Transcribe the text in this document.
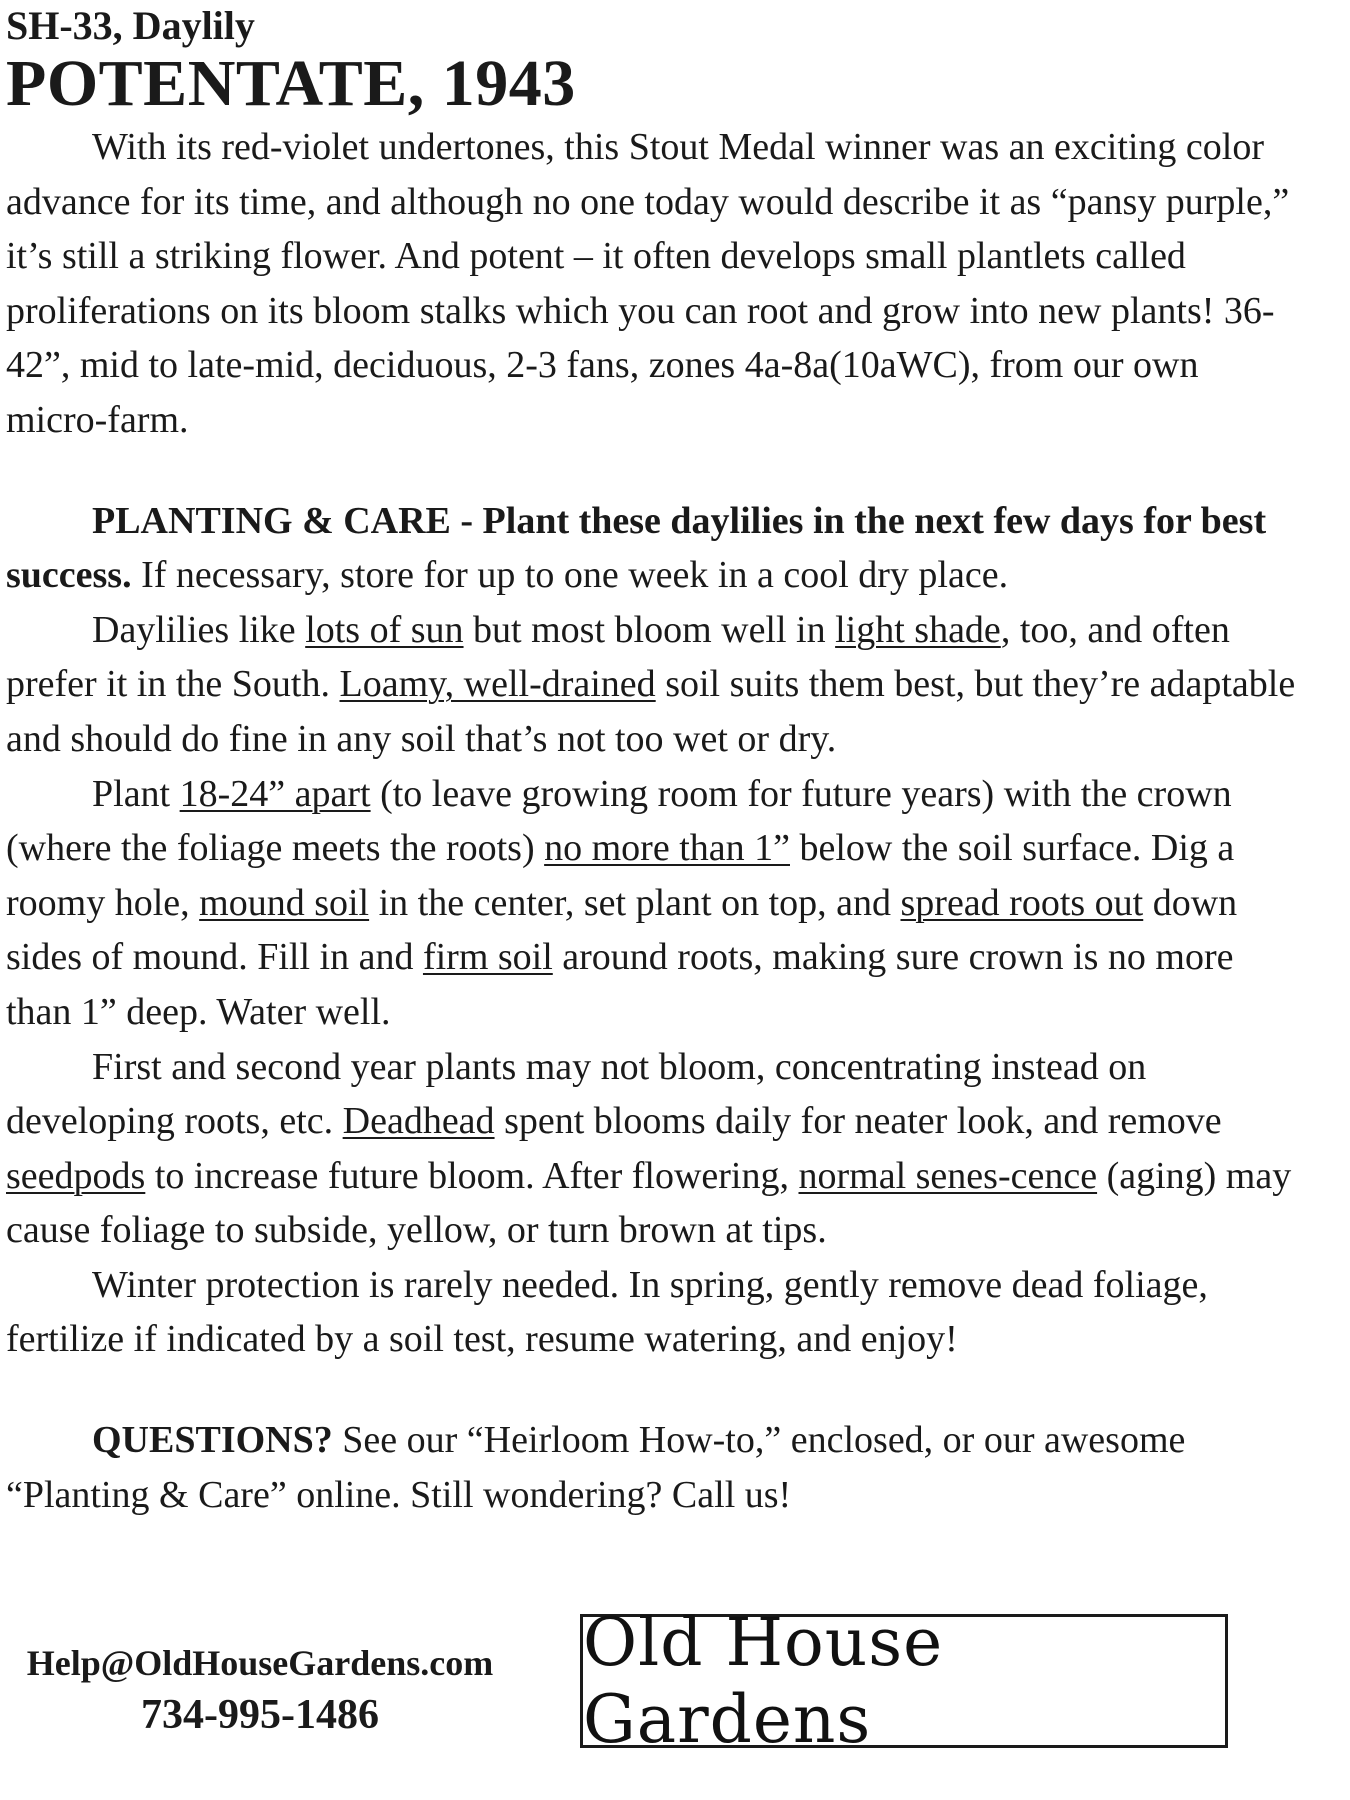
SH-33, Daylily

POTENTATE, 1943

With its red-violet undertones, this Stout Medal winner was an exciting color advance for its time, and although no one today would describe it as “pansy purple,” it’s still a striking flower. And potent – it often develops small plantlets called proliferations on its bloom stalks which you can root and grow into new plants! 36-42”, mid to late-mid, deciduous, 2-3 fans, zones 4a-8a(10aWC), from our own micro-farm.

PLANTING & CARE - Plant these daylilies in the next few days for best success. If necessary, store for up to one week in a cool dry place.

Daylilies like lots of sun but most bloom well in light shade, too, and often prefer it in the South. Loamy, well-drained soil suits them best, but they’re adaptable and should do fine in any soil that’s not too wet or dry.

Plant 18-24” apart (to leave growing room for future years) with the crown (where the foliage meets the roots) no more than 1” below the soil surface. Dig a roomy hole, mound soil in the center, set plant on top, and spread roots out down sides of mound. Fill in and firm soil around roots, making sure crown is no more than 1” deep. Water well.

First and second year plants may not bloom, concentrating instead on developing roots, etc. Deadhead spent blooms daily for neater look, and remove seedpods to increase future bloom. After flowering, normal senes-cence (aging) may cause foliage to subside, yellow, or turn brown at tips.

Winter protection is rarely needed. In spring, gently remove dead foliage, fertilize if indicated by a soil test, resume watering, and enjoy!

QUESTIONS? See our “Heirloom How-to,” enclosed, or our awesome “Planting & Care” online. Still wondering? Call us!

Help@OldHouseGardens.com
734-995-1486
Old House Gardens
